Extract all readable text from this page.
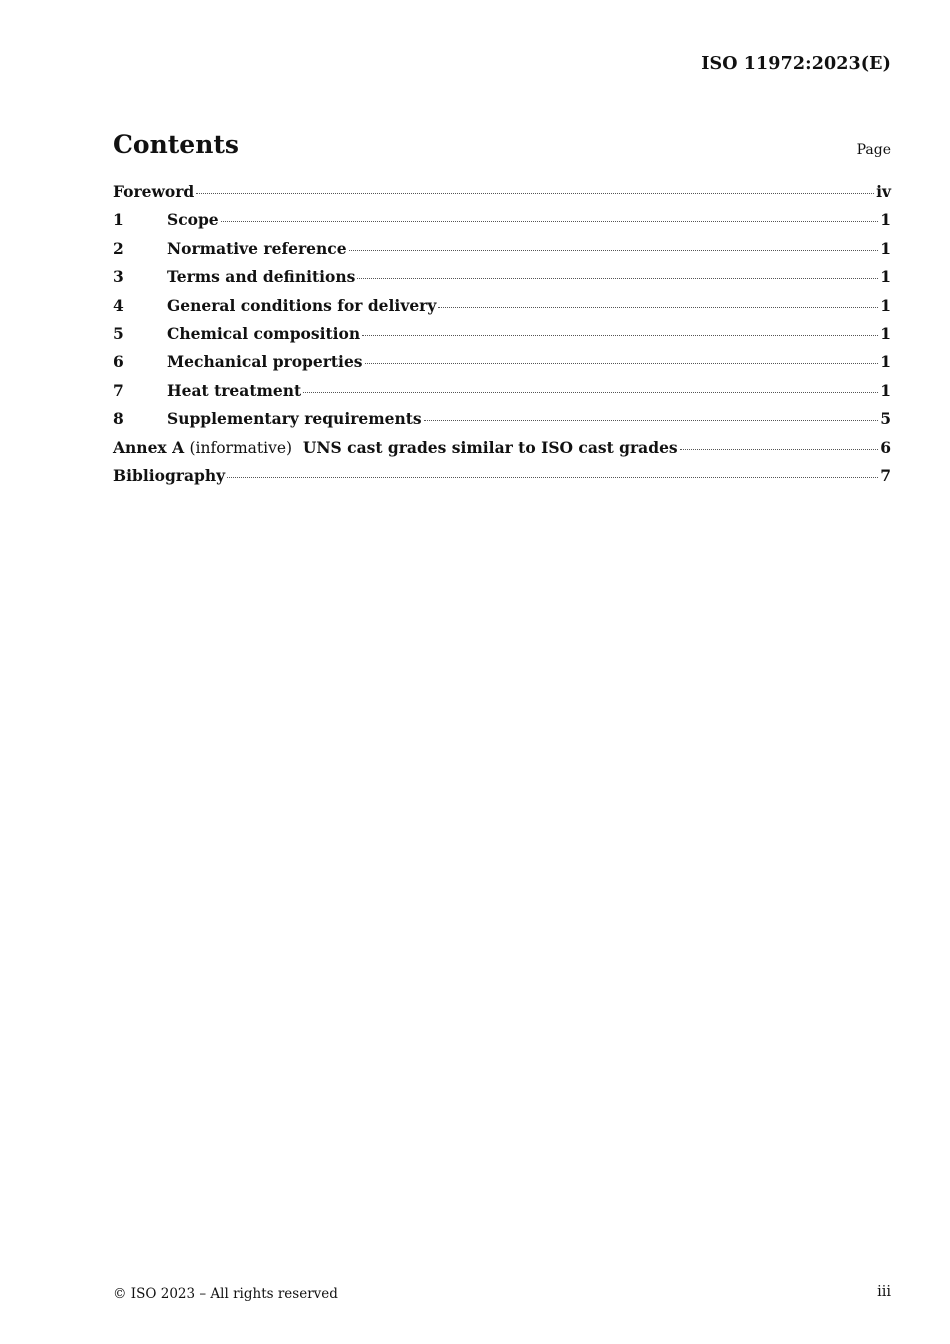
ISO 11972:2023(E)
Contents	Page
Foreword	iv
1	Scope	1
2	Normative reference	1
3	Terms and definitions	1
4	General conditions for delivery	1
5	Chemical composition	1
6	Mechanical properties	1
7	Heat treatment	1
8	Supplementary requirements	5
Annex A (informative) UNS cast grades similar to ISO cast grades	6
Bibliography	7
© ISO 2023 – All rights reserved	iii
